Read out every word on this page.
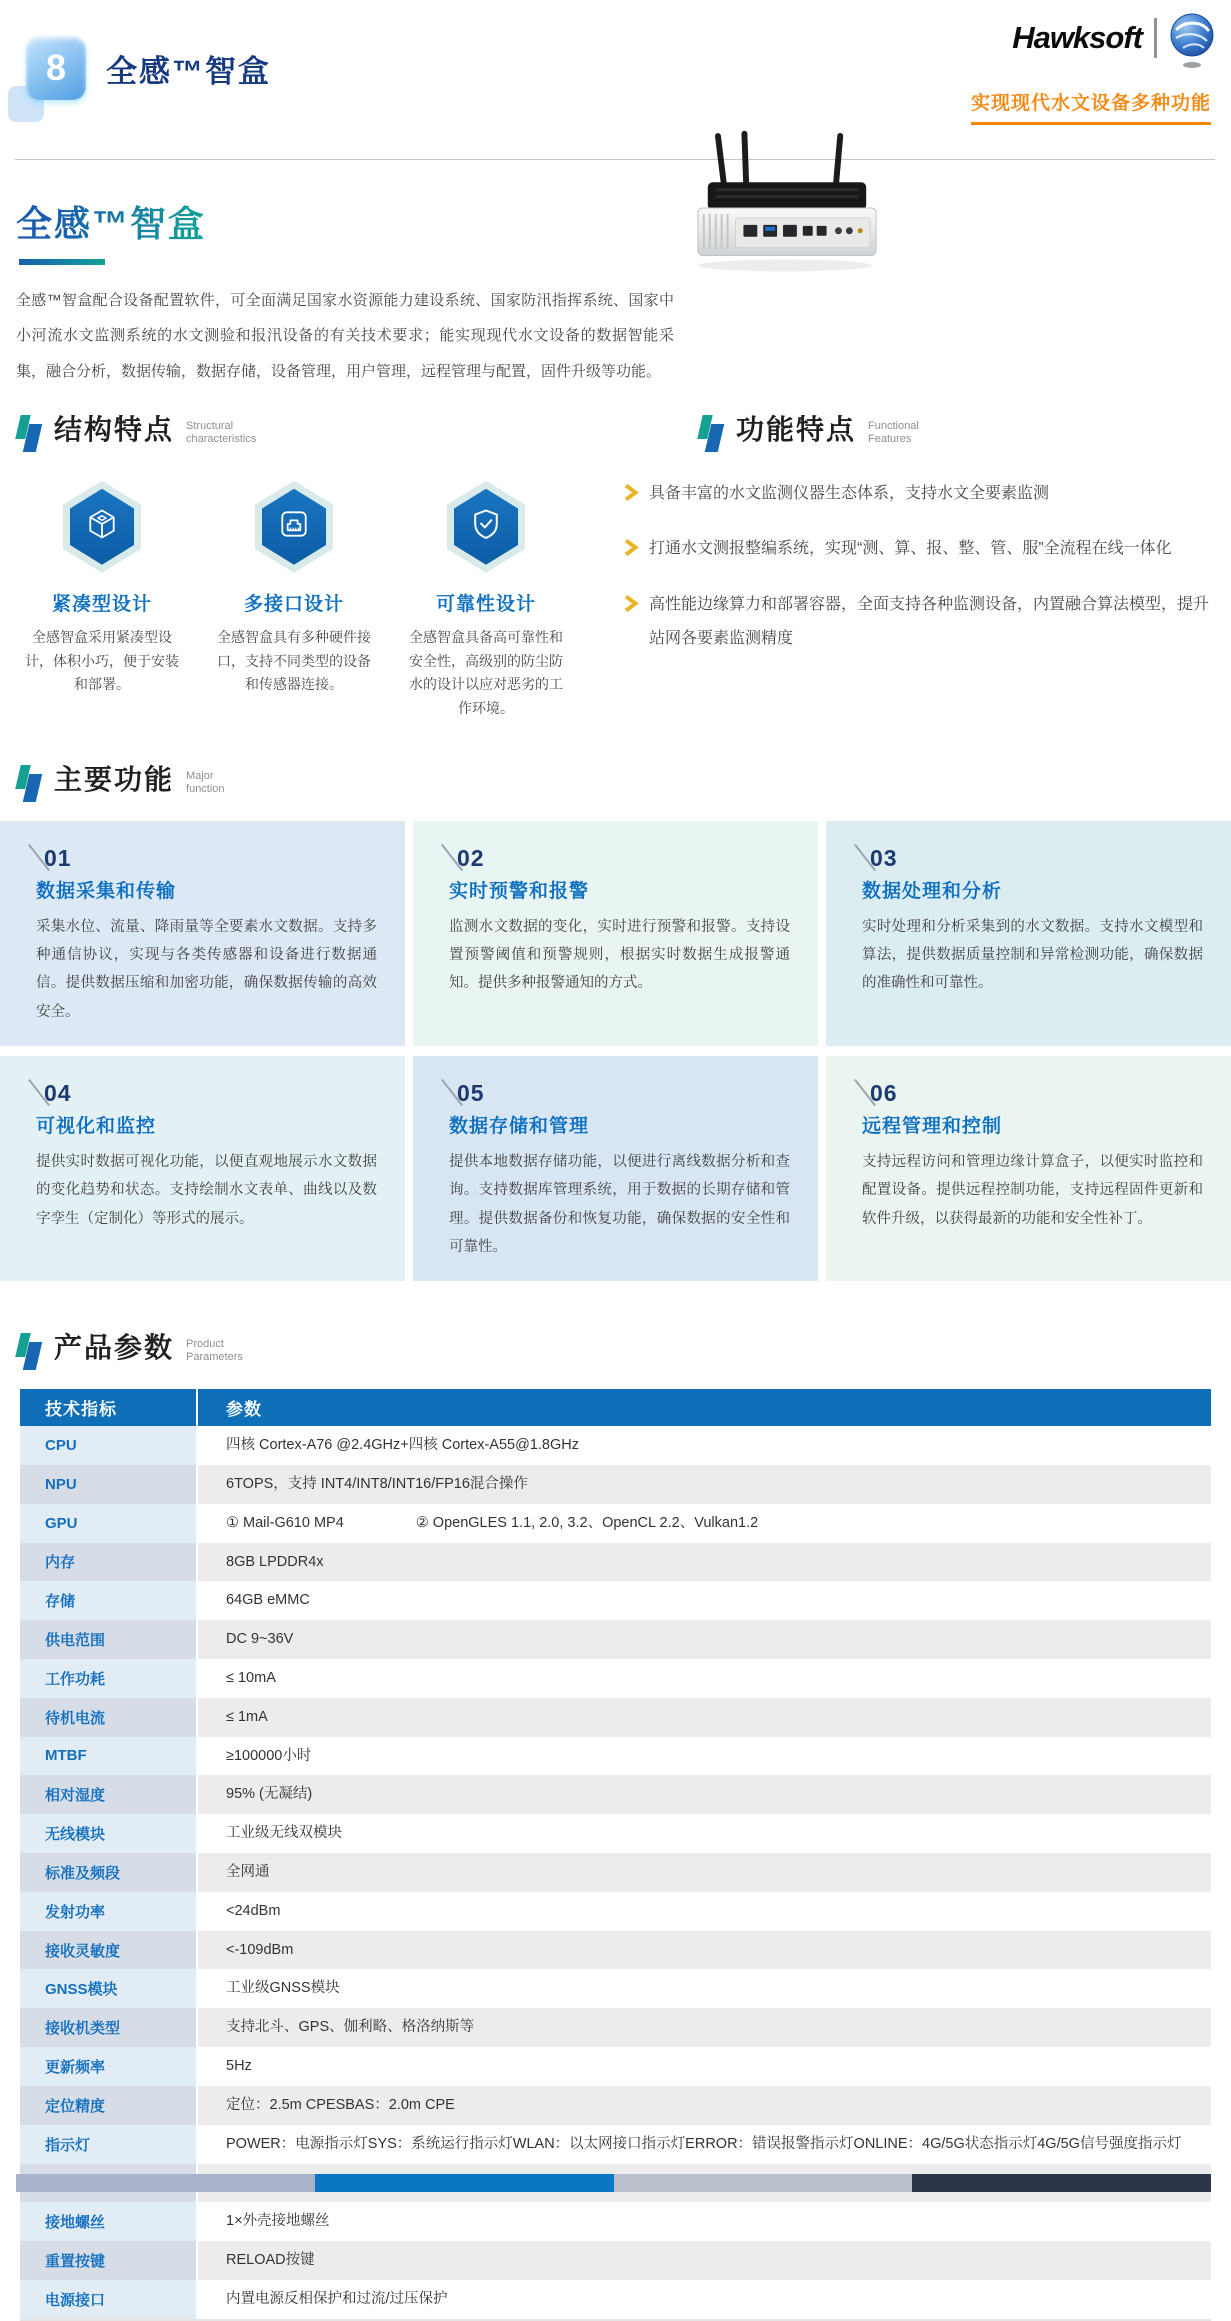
8	全感™智盒
Hawksoft
实现现代水文设备多种功能
全感™智盒

全感™智盒配合设备配置软件，可全面满足国家水资源能力建设系统、国家防汛指挥系统、国家中小河流水文监测系统的水文测验和报汛设备的有关技术要求；能实现现代水文设备的数据智能采集，融合分析，数据传输，数据存储，设备管理，用户管理，远程管理与配置，固件升级等功能。

结构特点 Structural
characteristics
紧凑型设计
全感智盒采用紧凑型设计，体积小巧，便于安装和部署。
多接口设计
全感智盒具有多种硬件接口，支持不同类型的设备和传感器连接。
可靠性设计
全感智盒具备高可靠性和安全性，高级别的防尘防水的设计以应对恶劣的工作环境。
功能特点 Functional
Features
具备丰富的水文监测仪器生态体系，支持水文全要素监测
打通水文测报整编系统，实现“测、算、报、整、管、服”全流程在线一体化
高性能边缘算力和部署容器，全面支持各种监测设备，内置融合算法模型，提升站网各要素监测精度
主要功能 Major
function
01
数据采集和传输
采集水位、流量、降雨量等全要素水文数据。支持多种通信协议，实现与各类传感器和设备进行数据通信。提供数据压缩和加密功能，确保数据传输的高效安全。
02
实时预警和报警
监测水文数据的变化，实时进行预警和报警。支持设置预警阈值和预警规则，根据实时数据生成报警通知。提供多种报警通知的方式。
03
数据处理和分析
实时处理和分析采集到的水文数据。支持水文模型和算法，提供数据质量控制和异常检测功能，确保数据的准确性和可靠性。
04
可视化和监控
提供实时数据可视化功能，以便直观地展示水文数据的变化趋势和状态。支持绘制水文表单、曲线以及数字孪生（定制化）等形式的展示。
05
数据存储和管理
提供本地数据存储功能，以便进行离线数据分析和查询。支持数据库管理系统，用于数据的长期存储和管理。提供数据备份和恢复功能，确保数据的安全性和可靠性。
06
远程管理和控制
支持远程访问和管理边缘计算盒子，以便实时监控和配置设备。提供远程控制功能，支持远程固件更新和软件升级，以获得最新的功能和安全性补丁。
产品参数 Product
Parameters
技术指标	参数
CPU	四核 Cortex-A76 @2.4GHz+四核 Cortex-A55@1.8GHz
NPU	6TOPS，支持 INT4/INT8/INT16/FP16混合操作
GPU	① Mail-G610 MP4	② OpenGLES 1.1, 2.0, 3.2、OpenCL 2.2、Vulkan1.2
内存	8GB LPDDR4x
存储	64GB eMMC
供电范围	DC 9~36V
工作功耗	≤ 10mA
待机电流	≤ 1mA
MTBF	≥100000小时
相对湿度	95% (无凝结)
无线模块	工业级无线双模块
标准及频段	全网通
发射功率	<24dBm
接收灵敏度	<-109dBm
GNSS模块	工业级GNSS模块
接收机类型	支持北斗、GPS、伽利略、格洛纳斯等
更新频率	5Hz
定位精度	定位：2.5m CPESBAS：2.0m CPE
指示灯	POWER：电源指示灯SYS：系统运行指示灯WLAN：以太网接口指示灯ERROR：错误报警指示灯ONLINE：4G/5G状态指示灯4G/5G信号强度指示灯
接地螺丝	1×外壳接地螺丝
重置按键	RELOAD按键
电源接口	内置电源反相保护和过流/过压保护
